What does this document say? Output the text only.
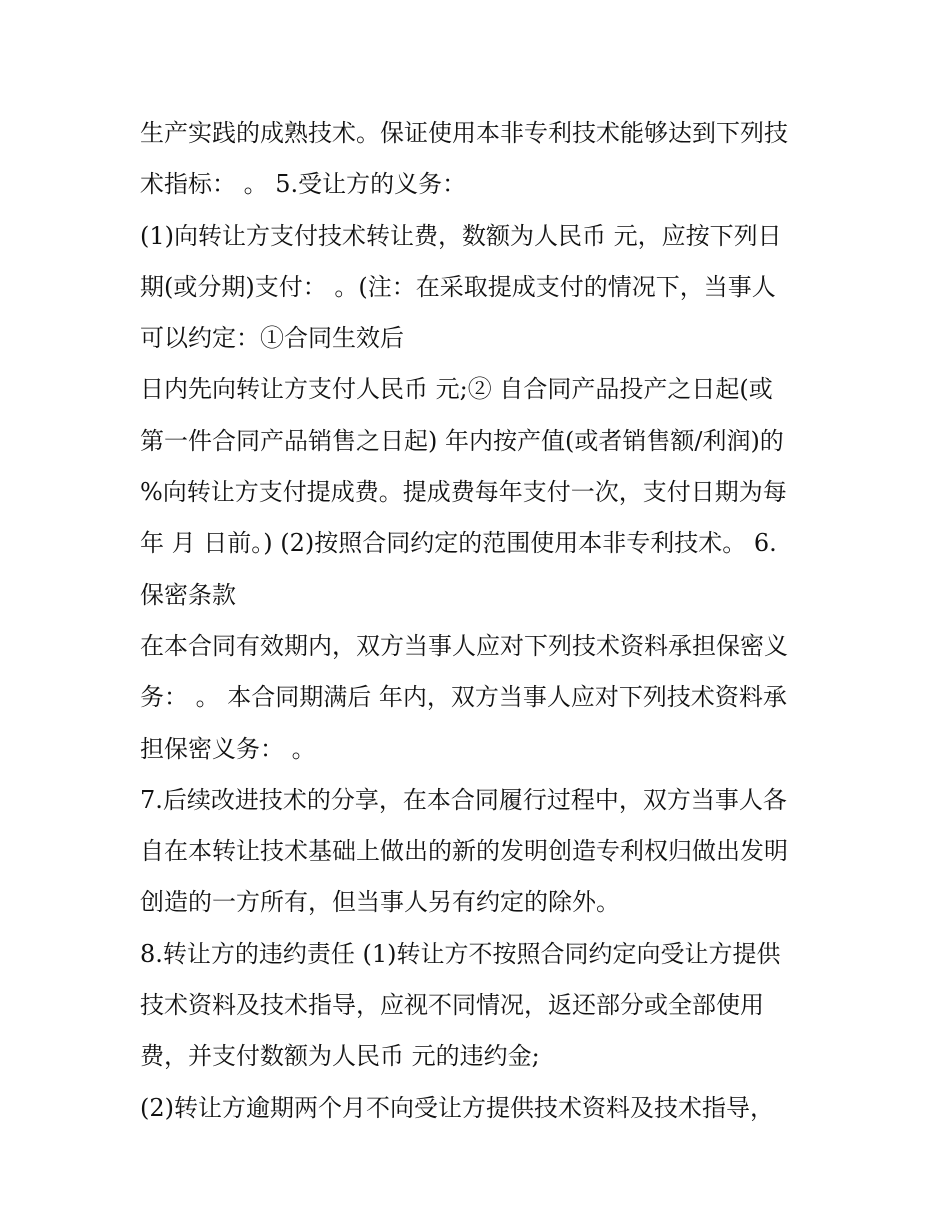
生产实践的成熟技术。保证使用本非专利技术能够达到下列技
术指标： 。 5.受让方的义务：
(1)向转让方支付技术转让费，数额为人民币 元，应按下列日
期(或分期)支付： 。(注：在采取提成支付的情况下，当事人
可以约定：①合同生效后
日内先向转让方支付人民币 元;② 自合同产品投产之日起(或
第一件合同产品销售之日起) 年内按产值(或者销售额/利润)的
%向转让方支付提成费。提成费每年支付一次，支付日期为每
年 月 日前。) (2)按照合同约定的范围使用本非专利技术。 6.
保密条款
在本合同有效期内，双方当事人应对下列技术资料承担保密义
务： 。 本合同期满后 年内，双方当事人应对下列技术资料承
担保密义务： 。
7.后续改进技术的分享，在本合同履行过程中，双方当事人各
自在本转让技术基础上做出的新的发明创造专利权归做出发明
创造的一方所有，但当事人另有约定的除外。
8.转让方的违约责任 (1)转让方不按照合同约定向受让方提供
技术资料及技术指导，应视不同情况，返还部分或全部使用
费，并支付数额为人民币 元的违约金;
(2)转让方逾期两个月不向受让方提供技术资料及技术指导，
